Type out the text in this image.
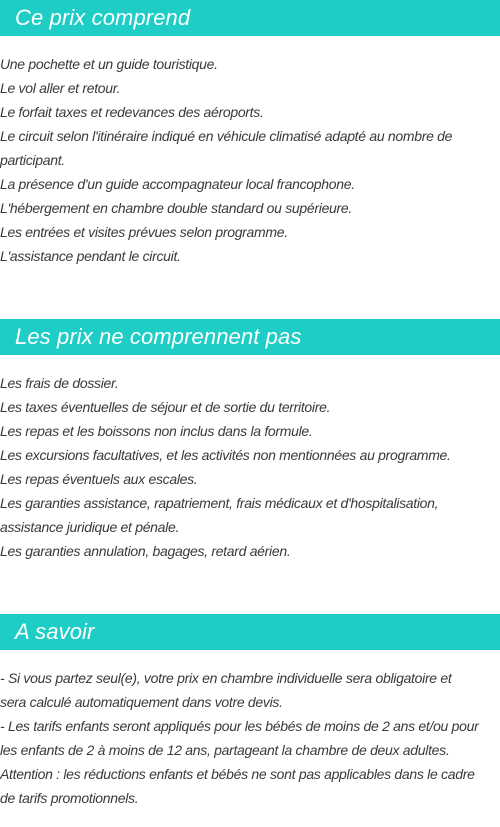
Ce prix comprend

Une pochette et un guide touristique.

Le vol aller et retour.

Le forfait taxes et redevances des aéroports.

Le circuit selon l'itinéraire indiqué en véhicule climatisé adapté au nombre de

participant.

La présence d'un guide accompagnateur local francophone.

L'hébergement en chambre double standard ou supérieure.

Les entrées et visites prévues selon programme.

L'assistance pendant le circuit.

Les prix ne comprennent pas

Les frais de dossier.

Les taxes éventuelles de séjour et de sortie du territoire.

Les repas et les boissons non inclus dans la formule.

Les excursions facultatives, et les activités non mentionnées au programme.

Les repas éventuels aux escales.

Les garanties assistance, rapatriement, frais médicaux et d'hospitalisation,

assistance juridique et pénale.

Les garanties annulation, bagages, retard aérien.

A savoir

- Si vous partez seul(e), votre prix en chambre individuelle sera obligatoire et

sera calculé automatiquement dans votre devis.

- Les tarifs enfants seront appliqués pour les bébés de moins de 2 ans et/ou pour

les enfants de 2 à moins de 12 ans, partageant la chambre de deux adultes.

Attention : les réductions enfants et bébés ne sont pas applicables dans le cadre

de tarifs promotionnels.
